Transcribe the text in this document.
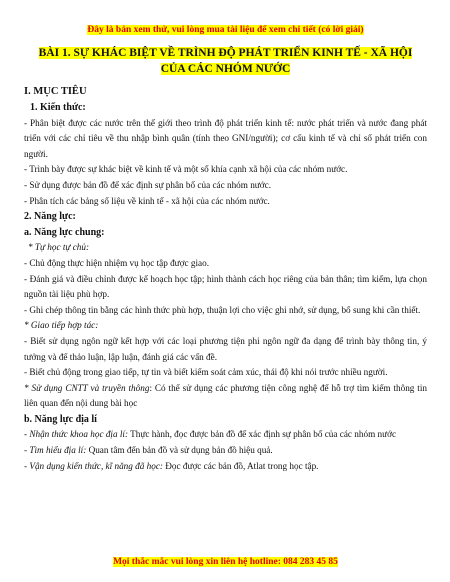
Đây là bản xem thử, vui lòng mua tài liệu để xem chi tiết (có lời giải)
BÀI 1. SỰ KHÁC BIỆT VỀ TRÌNH ĐỘ PHÁT TRIỂN KINH TẾ - XÃ HỘI
CỦA CÁC NHÓM NƯỚC

I. MỤC TIÊU

1. Kiến thức:

- Phân biệt được các nước trên thế giới theo trình độ phát triển kinh tế: nước phát triển và nước đang phát triển với các chỉ tiêu về thu nhập bình quân (tính theo GNI/người); cơ cấu kinh tế và chỉ số phát triển con người.

- Trình bày được sự khác biệt về kinh tế và một số khía cạnh xã hội của các nhóm nước.

- Sử dụng được bản đồ để xác định sự phân bố của các nhóm nước.

- Phân tích các bảng số liệu về kinh tế - xã hội của các nhóm nước.

2. Năng lực:

a. Năng lực chung:

* Tự học tự chủ:

- Chủ động thực hiện nhiệm vụ học tập được giao.

- Đánh giá và điều chỉnh được kế hoạch học tập; hình thành cách học riêng của bản thân; tìm kiếm, lựa chọn nguồn tài liệu phù hợp.

- Ghi chép thông tin bằng các hình thức phù hợp, thuận lợi cho việc ghi nhớ, sử dụng, bổ sung khi cần thiết.

* Giao tiếp hợp tác:

- Biết sử dụng ngôn ngữ kết hợp với các loại phương tiện phi ngôn ngữ đa dạng để trình bày thông tin, ý tưởng và để thảo luận, lập luận, đánh giá các vấn đề.

- Biết chủ động trong giao tiếp, tự tin và biết kiểm soát cảm xúc, thái độ khi nói trước nhiều người.

* Sử dụng CNTT và truyền thông: Có thể sử dụng các phương tiện công nghệ để hỗ trợ tìm kiếm thông tin liên quan đến nội dung bài học

b. Năng lực địa lí

- Nhận thức khoa học địa lí: Thực hành, đọc được bản đồ để xác định sự phân bố của các nhóm nước

- Tìm hiểu địa lí: Quan tâm đến bản đồ và sử dụng bản đồ hiệu quả.

- Vận dụng kiến thức, kĩ năng đã học: Đọc được các bản đồ, Atlat trong học tập.

Mọi thắc mắc vui lòng xin liên hệ hotline: 084 283 45 85
